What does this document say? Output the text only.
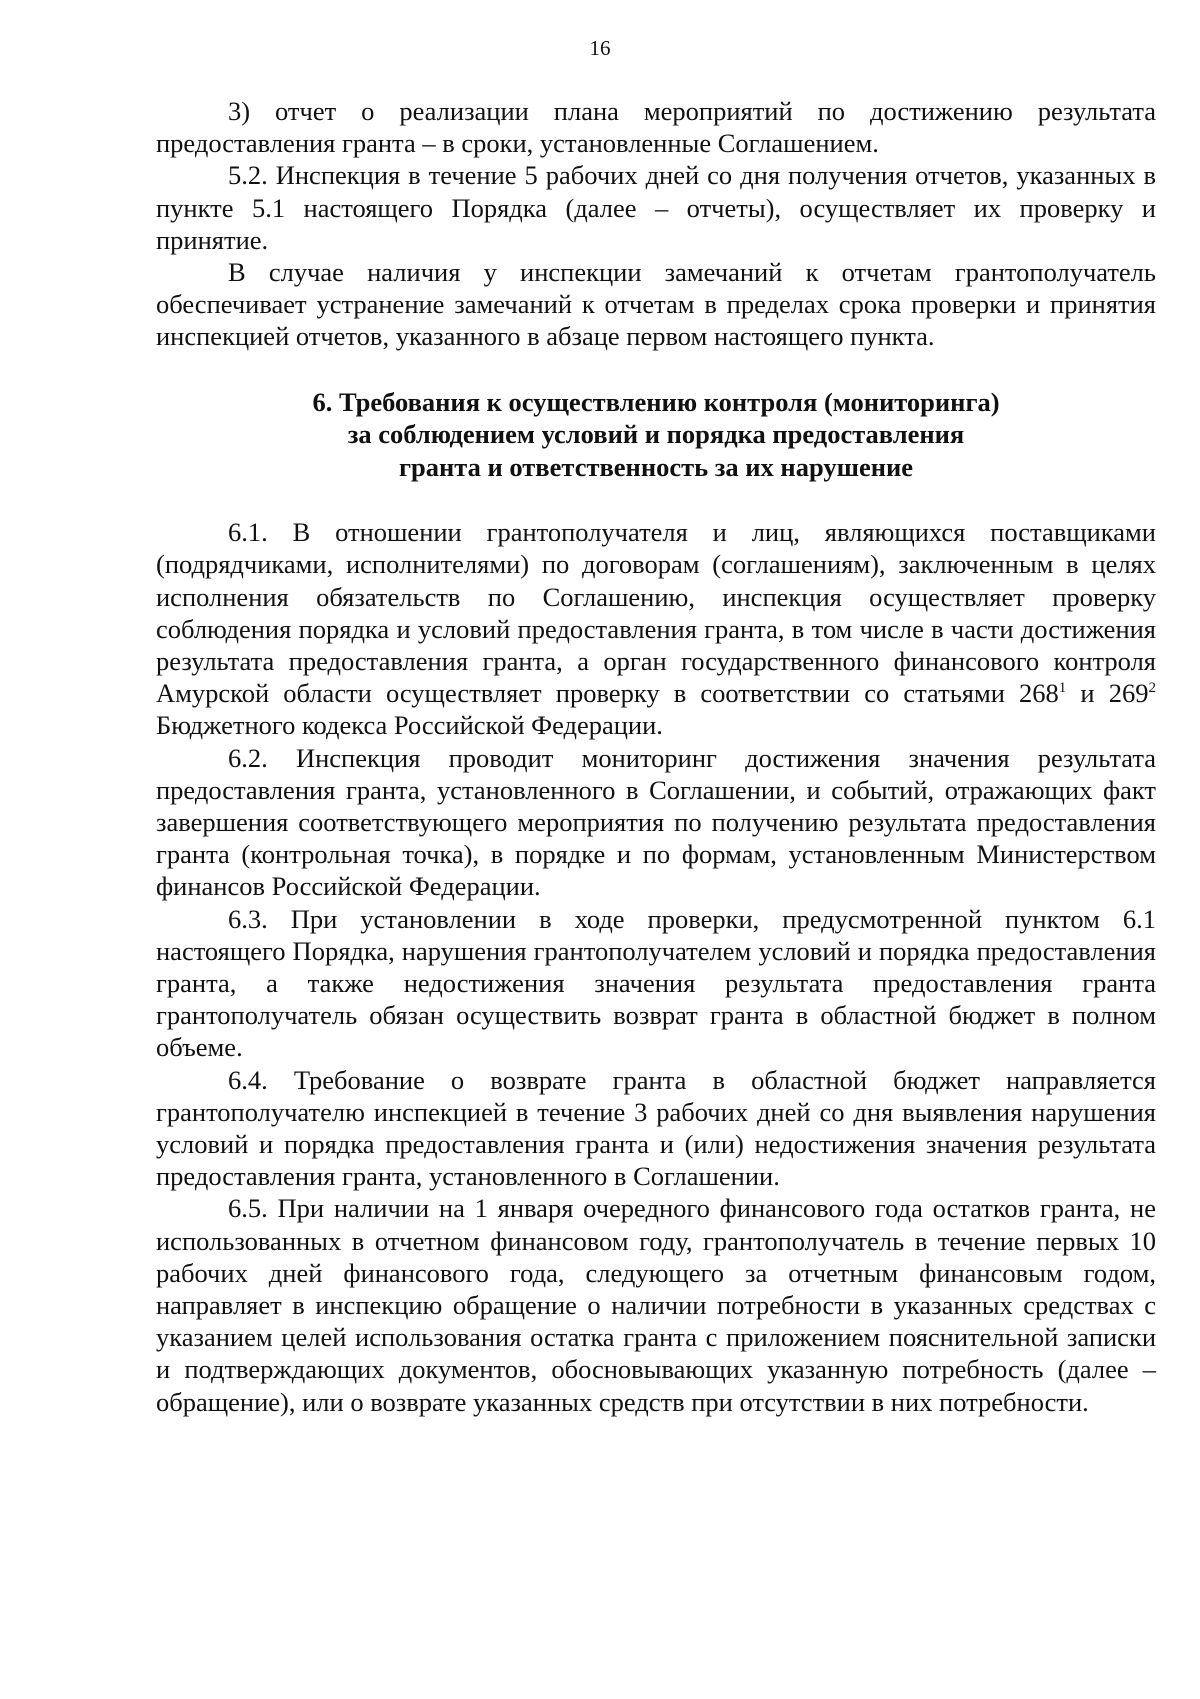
16

3) отчет о реализации плана мероприятий по достижению результата предоставления гранта – в сроки, установленные Соглашением.

5.2. Инспекция в течение 5 рабочих дней со дня получения отчетов, указанных в пункте 5.1 настоящего Порядка (далее – отчеты), осуществляет их проверку и принятие.

В случае наличия у инспекции замечаний к отчетам грантополучатель обеспечивает устранение замечаний к отчетам в пределах срока проверки и принятия инспекцией отчетов, указанного в абзаце первом настоящего пункта.

6. Требования к осуществлению контроля (мониторинга)
за соблюдением условий и порядка предоставления
гранта и ответственность за их нарушение

6.1. В отношении грантополучателя и лиц, являющихся поставщиками (подрядчиками, исполнителями) по договорам (соглашениям), заключенным в целях исполнения обязательств по Соглашению, инспекция осуществляет проверку соблюдения порядка и условий предоставления гранта, в том числе в части достижения результата предоставления гранта, а орган государственного финансового контроля Амурской области осуществляет проверку в соответствии со статьями $268^1$ и $269^2$ Бюджетного кодекса Российской Федерации.

6.2. Инспекция проводит мониторинг достижения значения результата предоставления гранта, установленного в Соглашении, и событий, отражающих факт завершения соответствующего мероприятия по получению результата предоставления гранта (контрольная точка), в порядке и по формам, установленным Министерством финансов Российской Федерации.

6.3. При установлении в ходе проверки, предусмотренной пунктом 6.1 настоящего Порядка, нарушения грантополучателем условий и порядка предоставления гранта, а также недостижения значения результата предоставления гранта грантополучатель обязан осуществить возврат гранта в областной бюджет в полном объеме.

6.4. Требование о возврате гранта в областной бюджет направляется грантополучателю инспекцией в течение 3 рабочих дней со дня выявления нарушения условий и порядка предоставления гранта и (или) недостижения значения результата предоставления гранта, установленного в Соглашении.

6.5. При наличии на 1 января очередного финансового года остатков гранта, не использованных в отчетном финансовом году, грантополучатель в течение первых 10 рабочих дней финансового года, следующего за отчетным финансовым годом, направляет в инспекцию обращение о наличии потребности в указанных средствах с указанием целей использования остатка гранта с приложением пояснительной записки и подтверждающих документов, обосновывающих указанную потребность (далее – обращение), или о возврате указанных средств при отсутствии в них потребности.
